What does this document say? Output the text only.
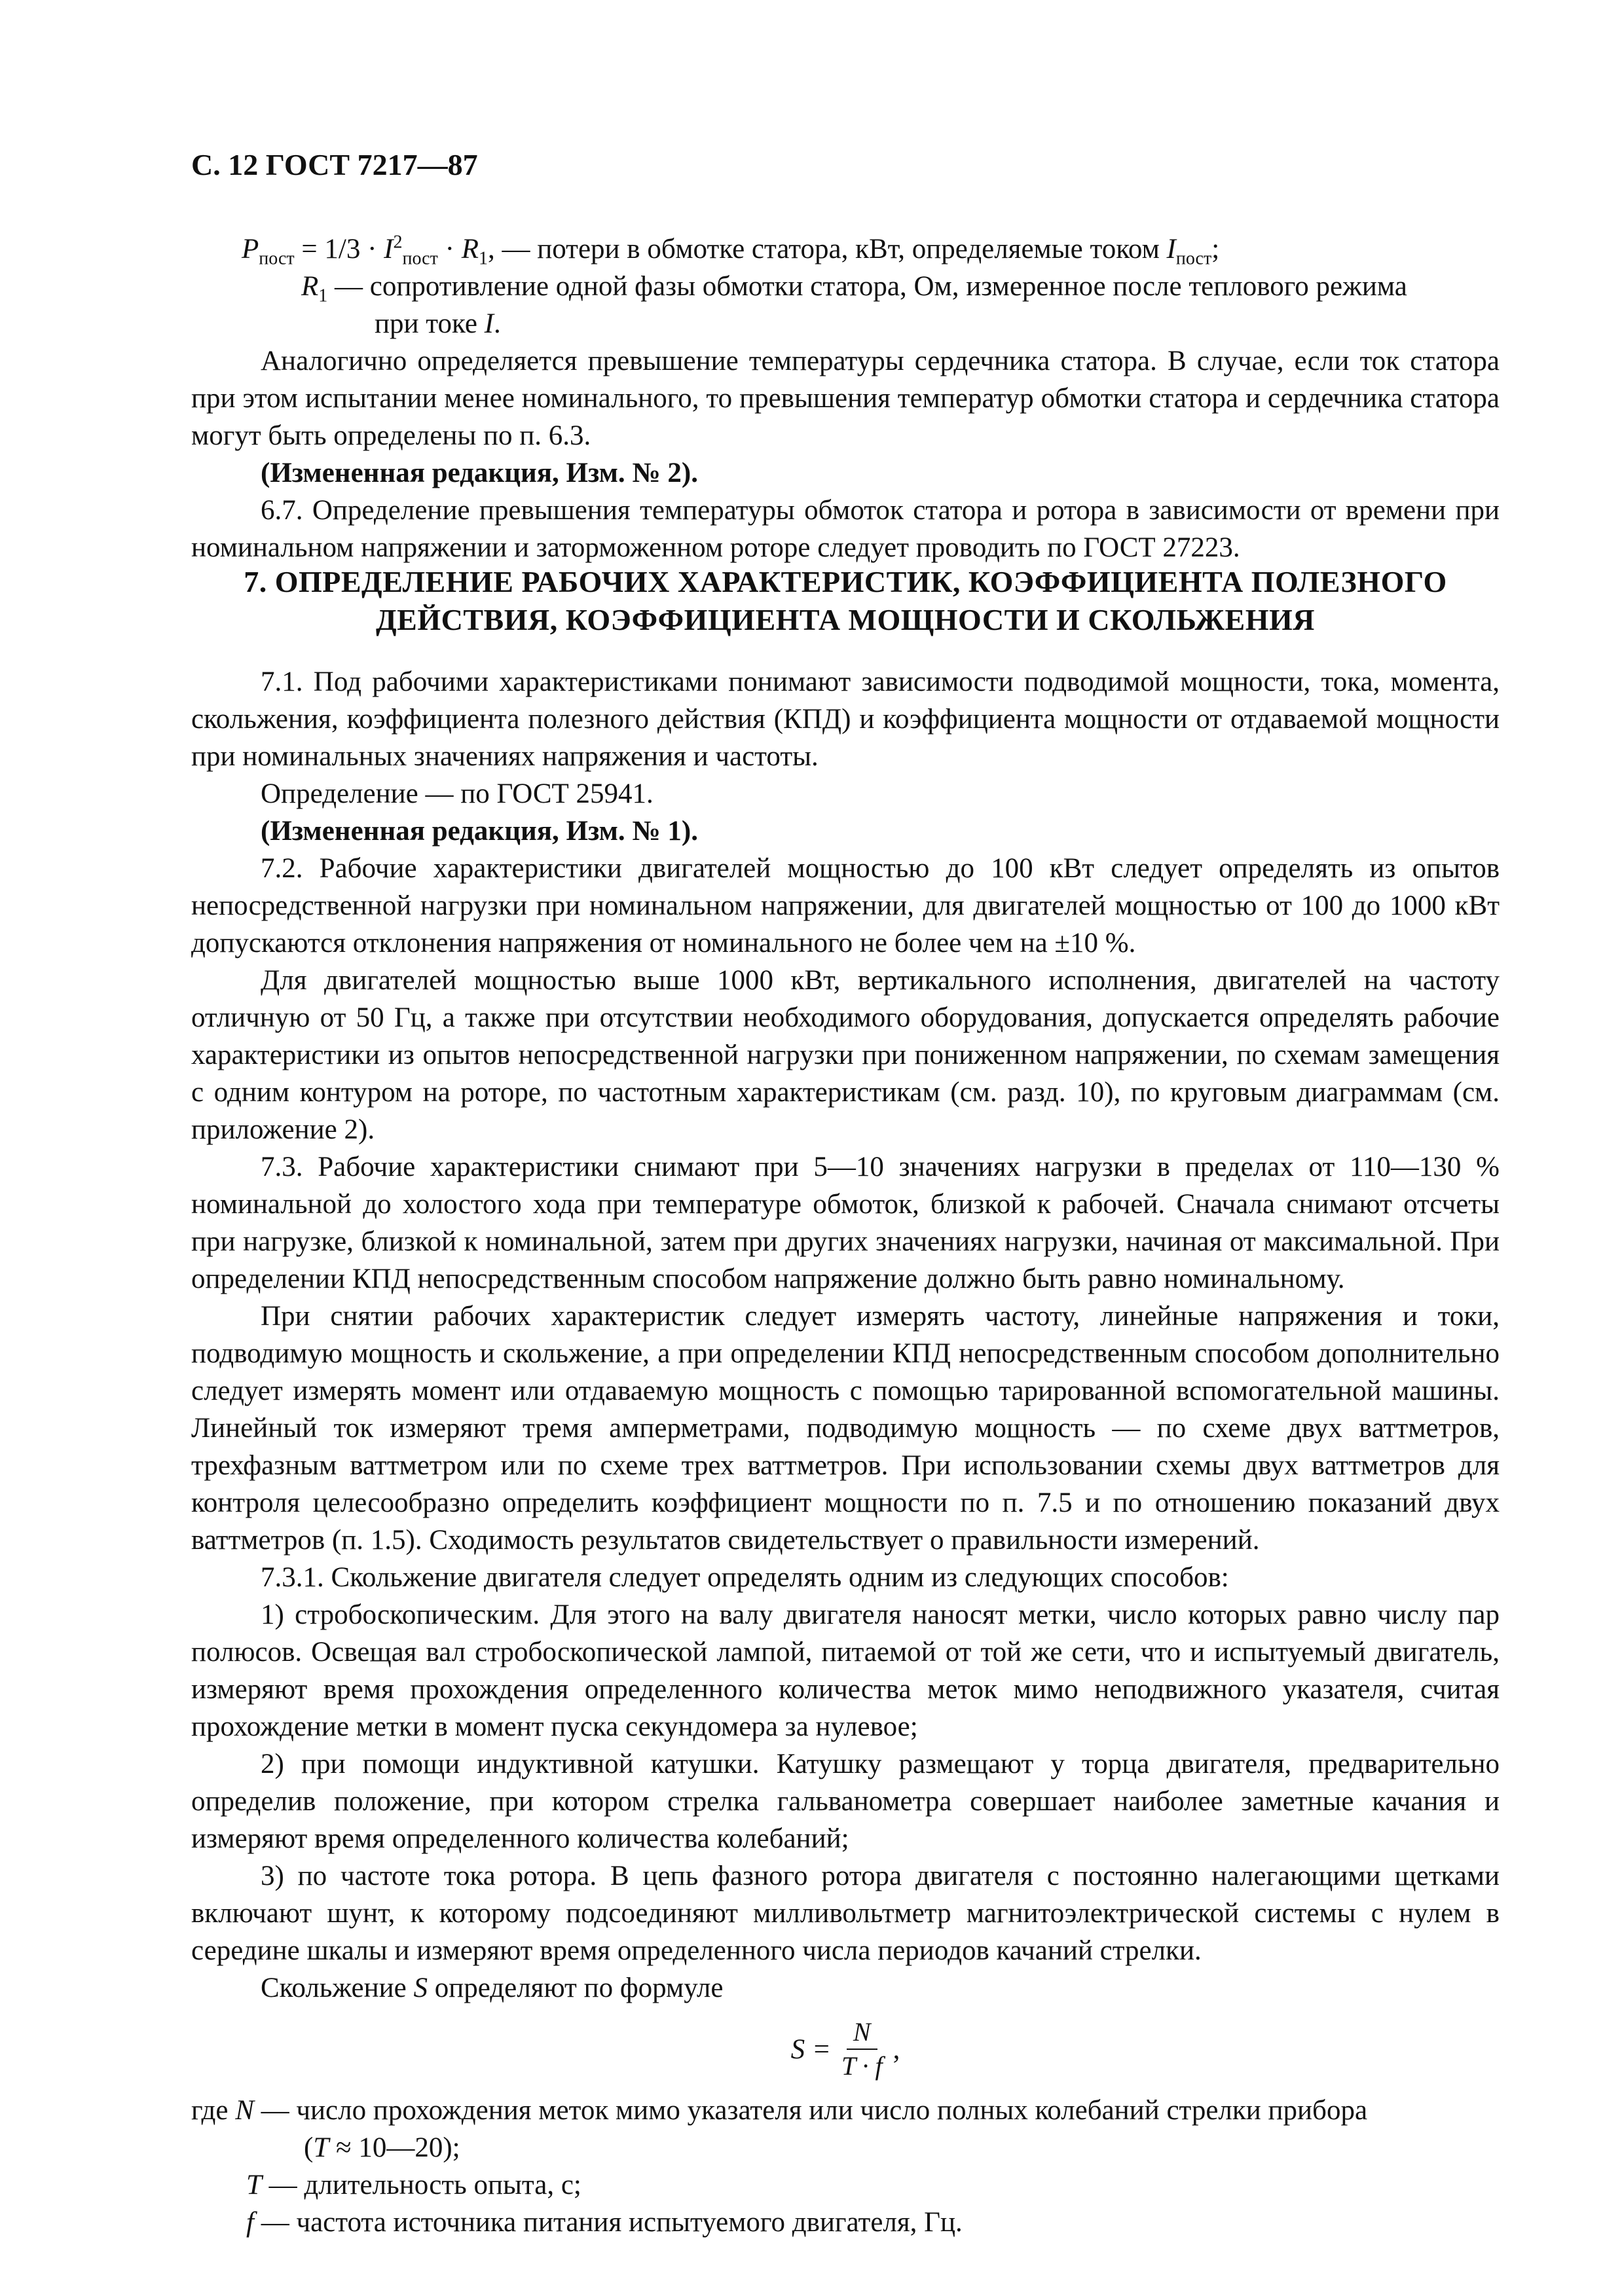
С. 12 ГОСТ 7217—87
$P_{пост} = 1/3 \cdot I^2_{пост} \cdot R_1$, — потери в обмотке статора, кВт, определяемые током $I_{пост}$;
$R_1$ — сопротивление одной фазы обмотки статора, Ом, измеренное после теплового режима
при токе I.

Аналогично определяется превышение температуры сердечника статора. В случае, если ток статора при этом испытании менее номинального, то превышения температур обмотки статора и сердечника статора могут быть определены по п. 6.3.

(Измененная редакция, Изм. № 2).

6.7. Определение превышения температуры обмоток статора и ротора в зависимости от времени при номинальном напряжении и заторможенном роторе следует проводить по ГОСТ 27223.

7. ОПРЕДЕЛЕНИЕ РАБОЧИХ ХАРАКТЕРИСТИК, КОЭФФИЦИЕНТА ПОЛЕЗНОГО
ДЕЙСТВИЯ, КОЭФФИЦИЕНТА МОЩНОСТИ И СКОЛЬЖЕНИЯ

7.1. Под рабочими характеристиками понимают зависимости подводимой мощности, тока, момента, скольжения, коэффициента полезного действия (КПД) и коэффициента мощности от отдаваемой мощности при номинальных значениях напряжения и частоты.

Определение — по ГОСТ 25941.

(Измененная редакция, Изм. № 1).

7.2. Рабочие характеристики двигателей мощностью до 100 кВт следует определять из опытов непосредственной нагрузки при номинальном напряжении, для двигателей мощностью от 100 до 1000 кВт допускаются отклонения напряжения от номинального не более чем на ±10 %.

Для двигателей мощностью выше 1000 кВт, вертикального исполнения, двигателей на частоту отличную от 50 Гц, а также при отсутствии необходимого оборудования, допускается определять рабочие характеристики из опытов непосредственной нагрузки при пониженном напряжении, по схемам замещения с одним контуром на роторе, по частотным характеристикам (см. разд. 10), по круговым диаграммам (см. приложение 2).

7.3. Рабочие характеристики снимают при 5—10 значениях нагрузки в пределах от 110—130 % номинальной до холостого хода при температуре обмоток, близкой к рабочей. Сначала снимают отсчеты при нагрузке, близкой к номинальной, затем при других значениях нагрузки, начиная от максимальной. При определении КПД непосредственным способом напряжение должно быть равно номинальному.

При снятии рабочих характеристик следует измерять частоту, линейные напряжения и токи, подводимую мощность и скольжение, а при определении КПД непосредственным способом дополнительно следует измерять момент или отдаваемую мощность с помощью тарированной вспомогательной машины. Линейный ток измеряют тремя амперметрами, подводимую мощность — по схеме двух ваттметров, трехфазным ваттметром или по схеме трех ваттметров. При использовании схемы двух ваттметров для контроля целесообразно определить коэффициент мощности по п. 7.5 и по отношению показаний двух ваттметров (п. 1.5). Сходимость результатов свидетельствует о правильности измерений.

7.3.1. Скольжение двигателя следует определять одним из следующих способов:

1) стробоскопическим. Для этого на валу двигателя наносят метки, число которых равно числу пар полюсов. Освещая вал стробоскопической лампой, питаемой от той же сети, что и испытуемый двигатель, измеряют время прохождения определенного количества меток мимо неподвижного указателя, считая прохождение метки в момент пуска секундомера за нулевое;

2) при помощи индуктивной катушки. Катушку размещают у торца двигателя, предварительно определив положение, при котором стрелка гальванометра совершает наиболее заметные качания и измеряют время определенного количества колебаний;

3) по частоте тока ротора. В цепь фазного ротора двигателя с постоянно налегающими щетками включают шунт, к которому подсоединяют милливольтметр магнитоэлектрической системы с нулем в середине шкалы и измеряют время определенного числа периодов качаний стрелки.

Скольжение S определяют по формуле

$S = \frac{N}{T \cdot f}$ ,

где N — число прохождения меток мимо указателя или число полных колебаний стрелки прибора

(T ≈ 10—20);

T — длительность опыта, с;

f — частота источника питания испытуемого двигателя, Гц.
